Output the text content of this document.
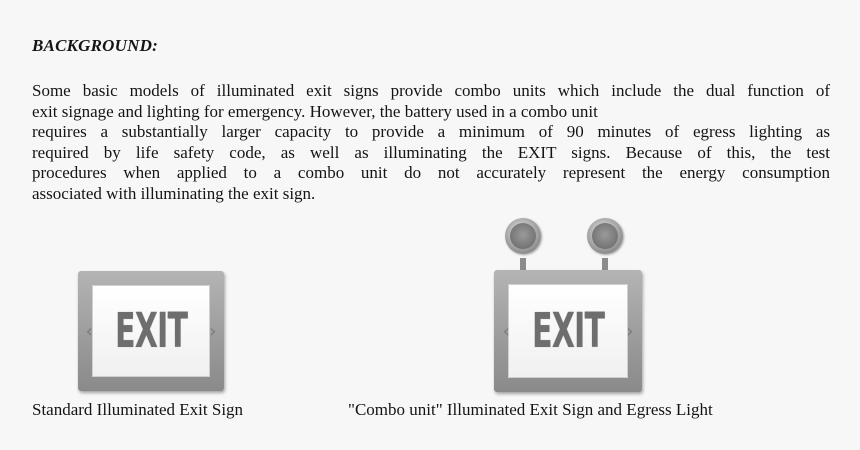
BACKGROUND:
Some basic models of illuminated exit signs provide combo units which include the dual function of
exit signage and lighting for emergency. However, the battery used in a combo unit
requires a substantially larger capacity to provide a minimum of 90 minutes of egress lighting as
required by life safety code, as well as illuminating the EXIT signs. Because of this, the test
procedures when applied to a combo unit do not accurately represent the energy consumption
associated with illuminating the exit sign.
‹ EXIT ›	‹ EXIT ›
Standard Illuminated Exit Sign	"Combo unit" Illuminated Exit Sign and Egress Light
